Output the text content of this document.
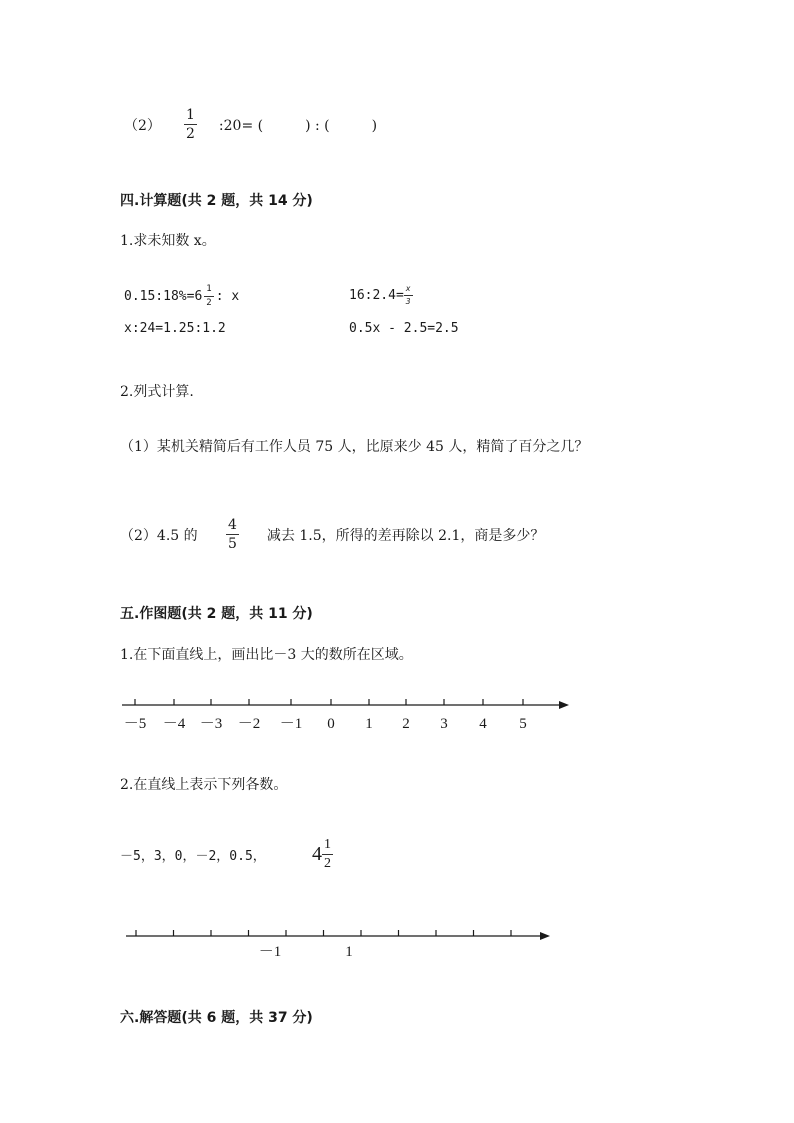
（2）	$\frac{1}{2}$ :20= (　　　) : (　　　)
四.计算题(共 2 题，共 14 分)
1.求未知数 x。
0.15:18%=6 $\frac{1}{2}$ : x	16:2.4= $\frac{x}{3}$
x:24=1.25:1.2	0.5x - 2.5=2.5
2.列式计算.
（1）某机关精简后有工作人员 75 人，比原来少 45 人，精简了百分之几？
（2）4.5 的	$\frac{4}{5}$ 减去 1.5，所得的差再除以 2.1，商是多少？
五.作图题(共 2 题，共 11 分)
1.在下面直线上，画出比－3 大的数所在区域。
－5 －4 －3 －2 －1 0 1 2 3 4 5
2.在直线上表示下列各数。
－5，3，0，－2，0.5，	$4 \frac{1}{2}$
－1	1
六.解答题(共 6 题，共 37 分)
